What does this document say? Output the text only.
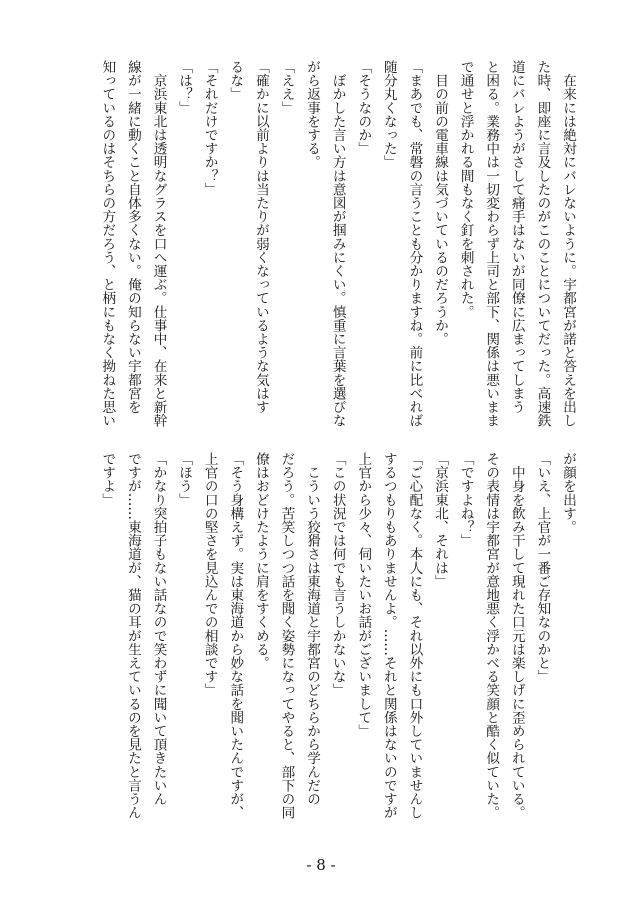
　在来には絶対にバレないように。宇都宮が諾と答えを出し
た時、即座に言及したのがこのことについてだった。高速鉄
道にバレようがさして痛手はないが同僚に広まってしまう
と困る。業務中は一切変わらず上司と部下、関係は悪いまま
で通せと浮かれる間もなく釘を刺された。
　目の前の電車線は気づいているのだろうか。
「まあでも、常磐の言うことも分かりますね。前に比べれば
随分丸くなった」
「そうなのか」
　ぼかした言い方は意図が掴みにくい。慎重に言葉を選びな
がら返事をする。
「ええ」
「確かに以前よりは当たりが弱くなっているような気はす
るな」
「それだけですか？」
「は？」
　京浜東北は透明なグラスを口へ運ぶ。仕事中、在来と新幹
線が一緒に動くこと自体多くない。俺の知らない宇都宮を
知っているのはそちらの方だろう、と柄にもなく拗ねた思い
が顔を出す。
「いえ、上官が一番ご存知なのかと」
　中身を飲み干して現れた口元は楽しげに歪められている。
その表情は宇都宮が意地悪く浮かべる笑顔と酷く似ていた。
「ですよね？」
「京浜東北、それは」
「ご心配なく。本人にも、それ以外にも口外していませんし
するつもりもありませんよ。……それと関係はないのですが
上官から少々、伺いたいお話がございまして」
「この状況では何でも言うしかないな」
　こういう狡猾さは東海道と宇都宮のどちらから学んだの
だろう。苦笑しつつ話を聞く姿勢になってやると、部下の同
僚はおどけたように肩をすくめる。
「そう身構えず。実は東海道から妙な話を聞いたんですが、
上官の口の堅さを見込んでの相談です」
「ほう」
「かなり突拍子もない話なので笑わずに聞いて頂きたいん
ですが……東海道が、猫の耳が生えているのを見たと言うん
ですよ」
- 8 -
